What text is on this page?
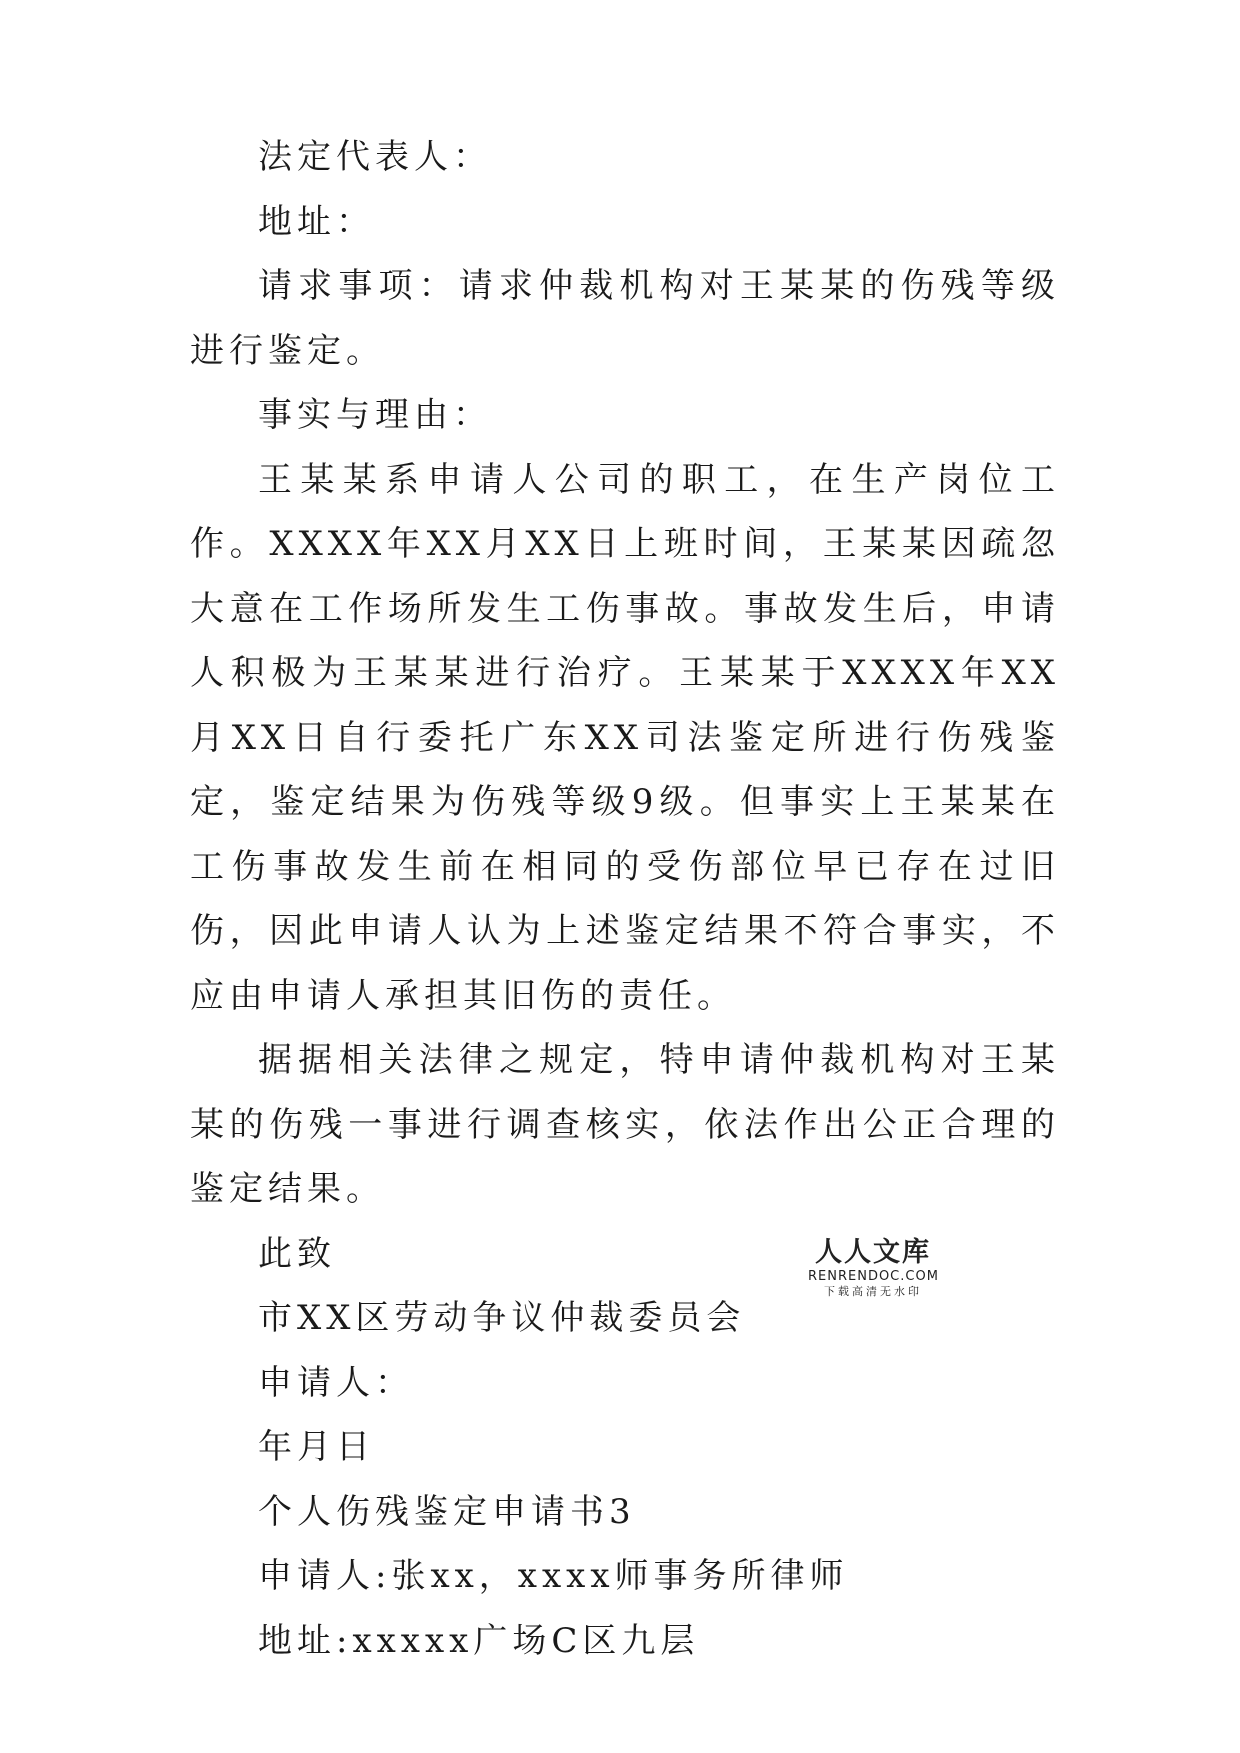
法定代表人：

地址：

请求事项：请求仲裁机构对王某某的伤残等级进行鉴定。

事实与理由：

王某某系申请人公司的职工，在生产岗位工作。XXXX年XX月XX日上班时间，王某某因疏忽大意在工作场所发生工伤事故。事故发生后，申请人积极为王某某进行治疗。王某某于XXXX年XX月XX日自行委托广东XX司法鉴定所进行伤残鉴定，鉴定结果为伤残等级9级。但事实上王某某在工伤事故发生前在相同的受伤部位早已存在过旧伤，因此申请人认为上述鉴定结果不符合事实，不应由申请人承担其旧伤的责任。

据据相关法律之规定，特申请仲裁机构对王某某的伤残一事进行调查核实，依法作出公正合理的鉴定结果。

此致

市XX区劳动争议仲裁委员会

申请人：

年月日

个人伤残鉴定申请书3

申请人:张xx，xxxx师事务所律师

地址:xxxxx广场C区九层

人人文库
RENRENDOC.COM
下载高清无水印
